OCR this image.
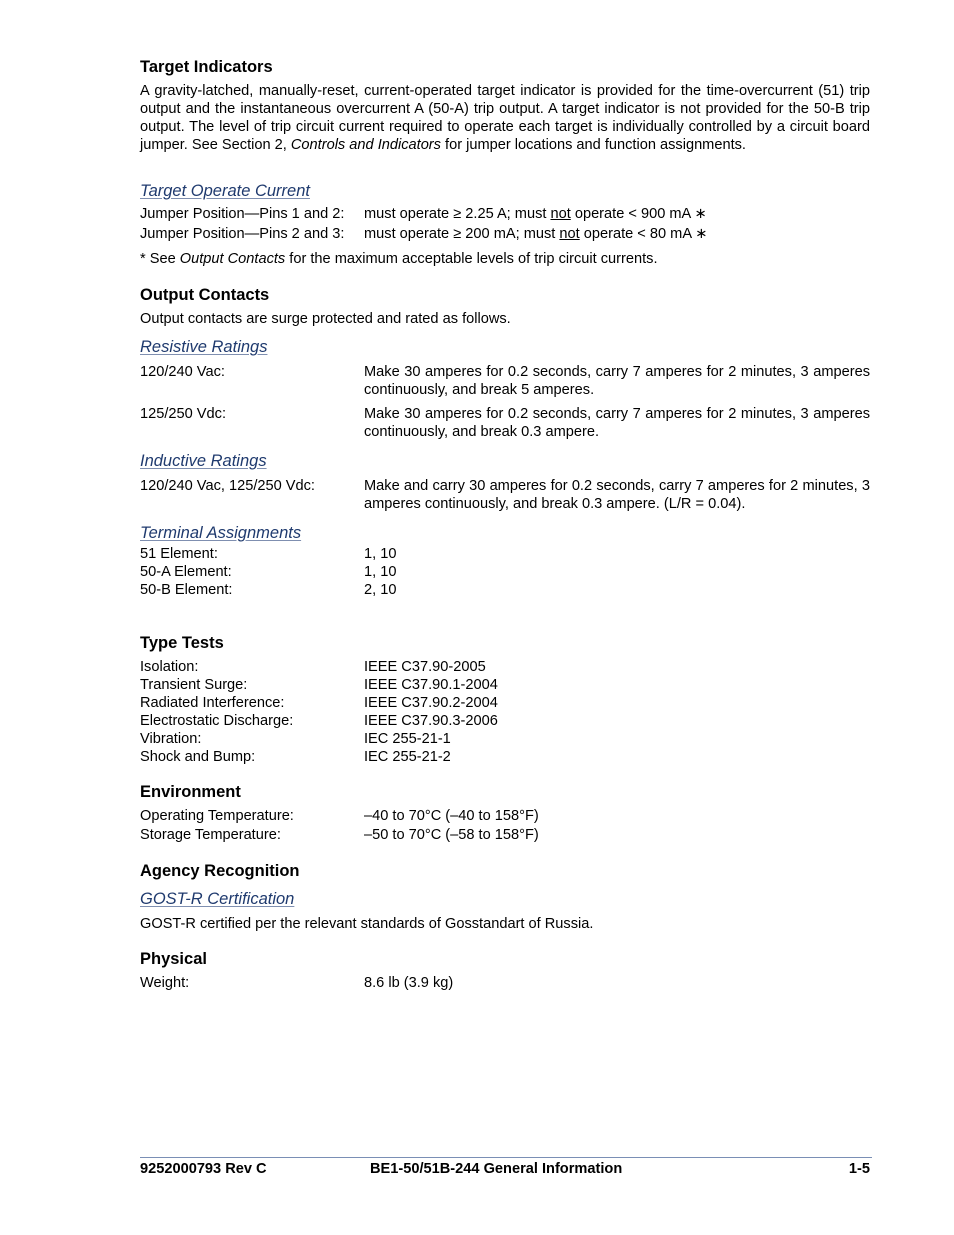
Target Indicators

A gravity-latched, manually-reset, current-operated target indicator is provided for the time-overcurrent (51) trip output and the instantaneous overcurrent A (50-A) trip output. A target indicator is not provided for the 50-B trip output. The level of trip circuit current required to operate each target is individually controlled by a circuit board jumper. See Section 2, Controls and Indicators for jumper locations and function assignments.

Target Operate Current
Jumper Position—Pins 1 and 2: must operate ≥ 2.25 A; must not operate < 900 mA ∗
Jumper Position—Pins 2 and 3: must operate ≥ 200 mA; must not operate < 80 mA ∗

* See Output Contacts for the maximum acceptable levels of trip circuit currents.

Output Contacts

Output contacts are surge protected and rated as follows.

Resistive Ratings
120/240 Vac:	Make 30 amperes for 0.2 seconds, carry 7 amperes for 2 minutes, 3 amperes continuously, and break 5 amperes.
125/250 Vdc:	Make 30 amperes for 0.2 seconds, carry 7 amperes for 2 minutes, 3 amperes continuously, and break 0.3 ampere.
Inductive Ratings
120/240 Vac, 125/250 Vdc:	Make and carry 30 amperes for 0.2 seconds, carry 7 amperes for 2 minutes, 3 amperes continuously, and break 0.3 ampere. (L/R = 0.04).
Terminal Assignments
51 Element:	1, 10
50-A Element:	1, 10
50-B Element:	2, 10
Type Tests
Isolation:	IEEE C37.90-2005
Transient Surge:	IEEE C37.90.1-2004
Radiated Interference:	IEEE C37.90.2-2004
Electrostatic Discharge:	IEEE C37.90.3-2006
Vibration:	IEC 255-21-1
Shock and Bump:	IEC 255-21-2
Environment
Operating Temperature:	–40 to 70°C (–40 to 158°F)
Storage Temperature:	–50 to 70°C (–58 to 158°F)
Agency Recognition
GOST-R Certification

GOST-R certified per the relevant standards of Gosstandart of Russia.

Physical
Weight:	8.6 lb (3.9 kg)
9252000793 Rev C	BE1-50/51B-244 General Information	1-5
